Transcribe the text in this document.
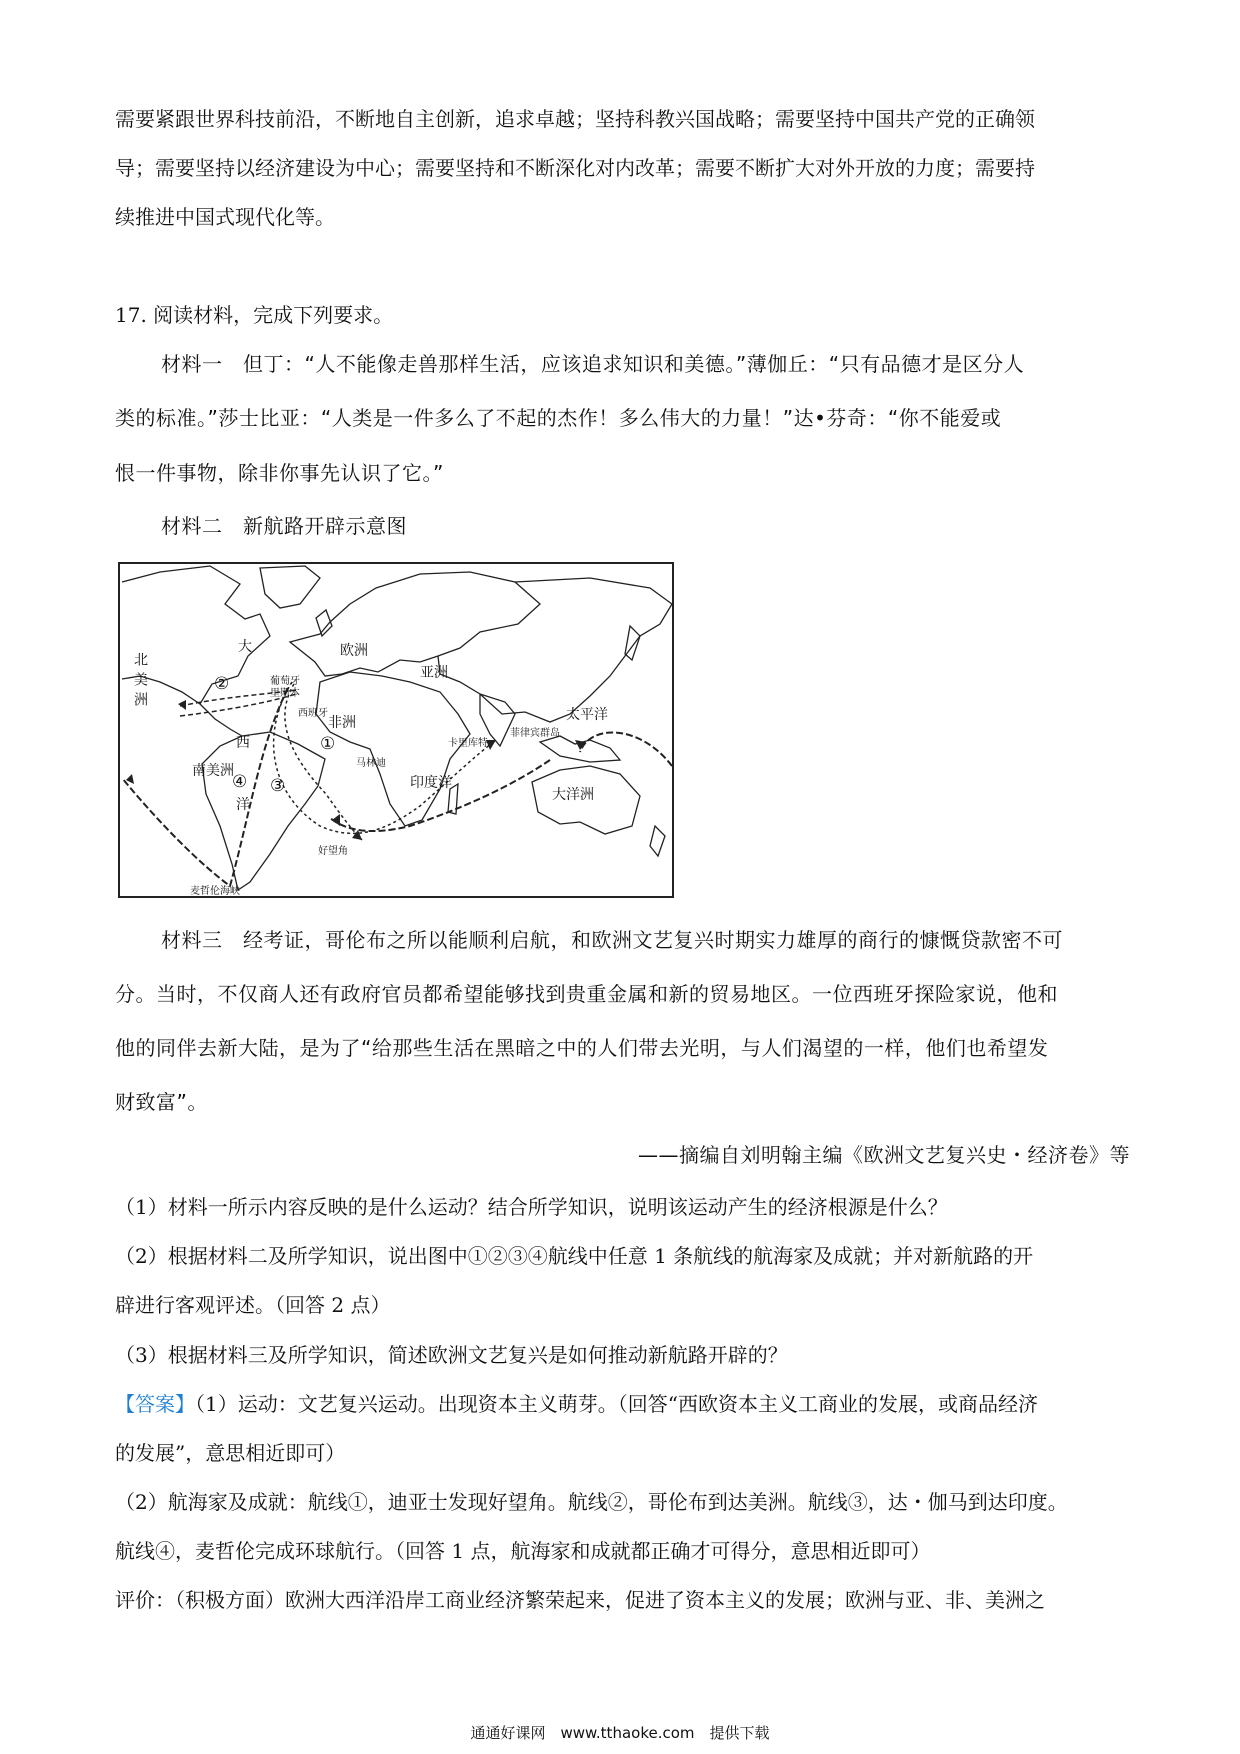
需要紧跟世界科技前沿，不断地自主创新，追求卓越；坚持科教兴国战略；需要坚持中国共产党的正确领
导；需要坚持以经济建设为中心；需要坚持和不断深化对内改革；需要不断扩大对外开放的力度；需要持
续推进中国式现代化等。
17. 阅读材料，完成下列要求。
材料一　但丁：“人不能像走兽那样生活，应该追求知识和美德。”薄伽丘：“只有品德才是区分人
类的标准。”莎士比亚：“人类是一件多么了不起的杰作！多么伟大的力量！”达•芬奇：“你不能爱或
恨一件事物，除非你事先认识了它。”
材料二　新航路开辟示意图
北美洲
大
西
洋
葡萄牙
里斯本
西班牙
欧洲
亚洲
非洲	太平洋
菲律宾群岛
卡里库特
马林迪
印度洋
南美洲
大洋洲
好望角
麦哲伦海峡
①
②
③
④
材料三　经考证，哥伦布之所以能顺利启航，和欧洲文艺复兴时期实力雄厚的商行的慷慨贷款密不可
分。当时，不仅商人还有政府官员都希望能够找到贵重金属和新的贸易地区。一位西班牙探险家说，他和
他的同伴去新大陆，是为了“给那些生活在黑暗之中的人们带去光明，与人们渴望的一样，他们也希望发
财致富”。
——摘编自刘明翰主编《欧洲文艺复兴史・经济卷》等
（1）材料一所示内容反映的是什么运动？结合所学知识，说明该运动产生的经济根源是什么？
（2）根据材料二及所学知识，说出图中①②③④航线中任意 1 条航线的航海家及成就；并对新航路的开
辟进行客观评述。（回答 2 点）
（3）根据材料三及所学知识，简述欧洲文艺复兴是如何推动新航路开辟的？
【答案】（1）运动：文艺复兴运动。出现资本主义萌芽。（回答“西欧资本主义工商业的发展，或商品经济
的发展”，意思相近即可）
（2）航海家及成就：航线①，迪亚士发现好望角。航线②，哥伦布到达美洲。航线③，达・伽马到达印度。
航线④，麦哲伦完成环球航行。（回答 1 点，航海家和成就都正确才可得分，意思相近即可）
评价：（积极方面）欧洲大西洋沿岸工商业经济繁荣起来，促进了资本主义的发展；欧洲与亚、非、美洲之
通通好课网　www.tthaoke.com　提供下载
